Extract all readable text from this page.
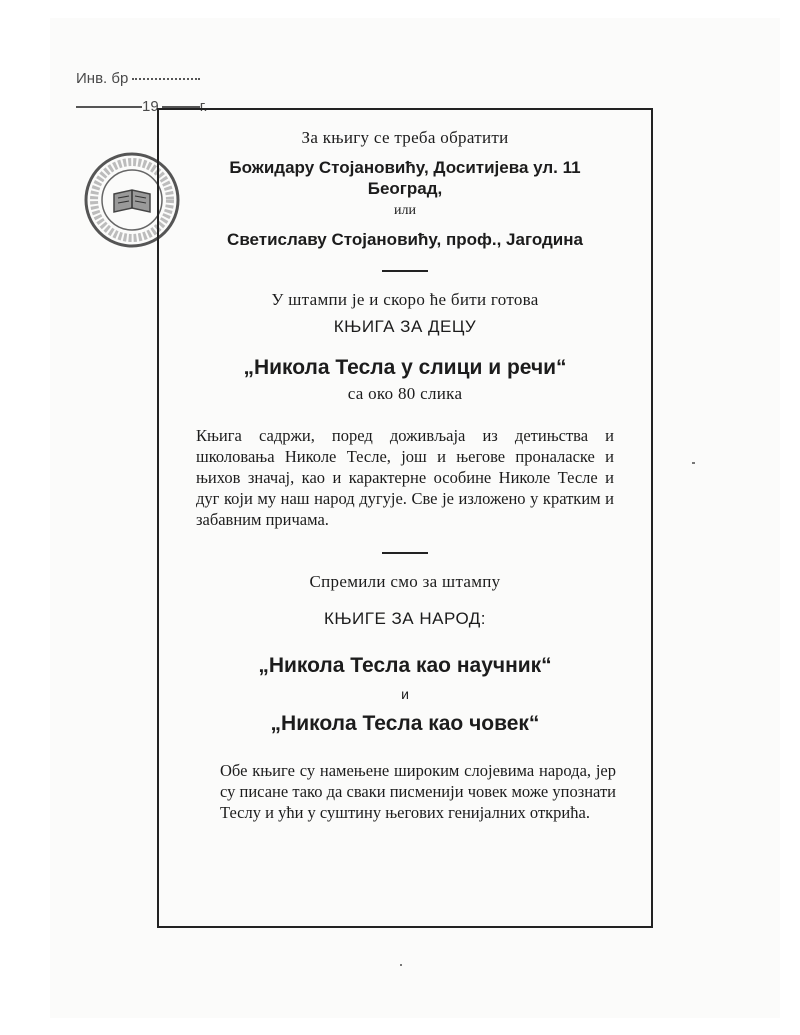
Инв. бр
19	г.

За књигу се треба обратити

Божидару Стојановићу, Доситијева ул. 11

Београд,

или

Светиславу Стојановићу, проф., Јагодина

У штампи је и скоро ће бити готова

КЊИГА ЗА ДЕЦУ

„Никола Тесла у слици и речи“

са око 80 слика

Књига садржи, поред доживљаја из детињства и школовања Николе Тесле, још и његове проналаске и њихов значај, као и карактерне особине Николе Тесле и дуг који му наш народ дугује. Све је изложено у кратким и забавним причама.

Спремили смо за штампу

КЊИГЕ ЗА НАРОД:

„Никола Тесла као научник“

и

„Никола Тесла као човек“

Обе књиге су намењене широким слојевима народа, јер су писане тако да сваки писменији човек може упознати Теслу и ући у суштину његових генијалних открића.
